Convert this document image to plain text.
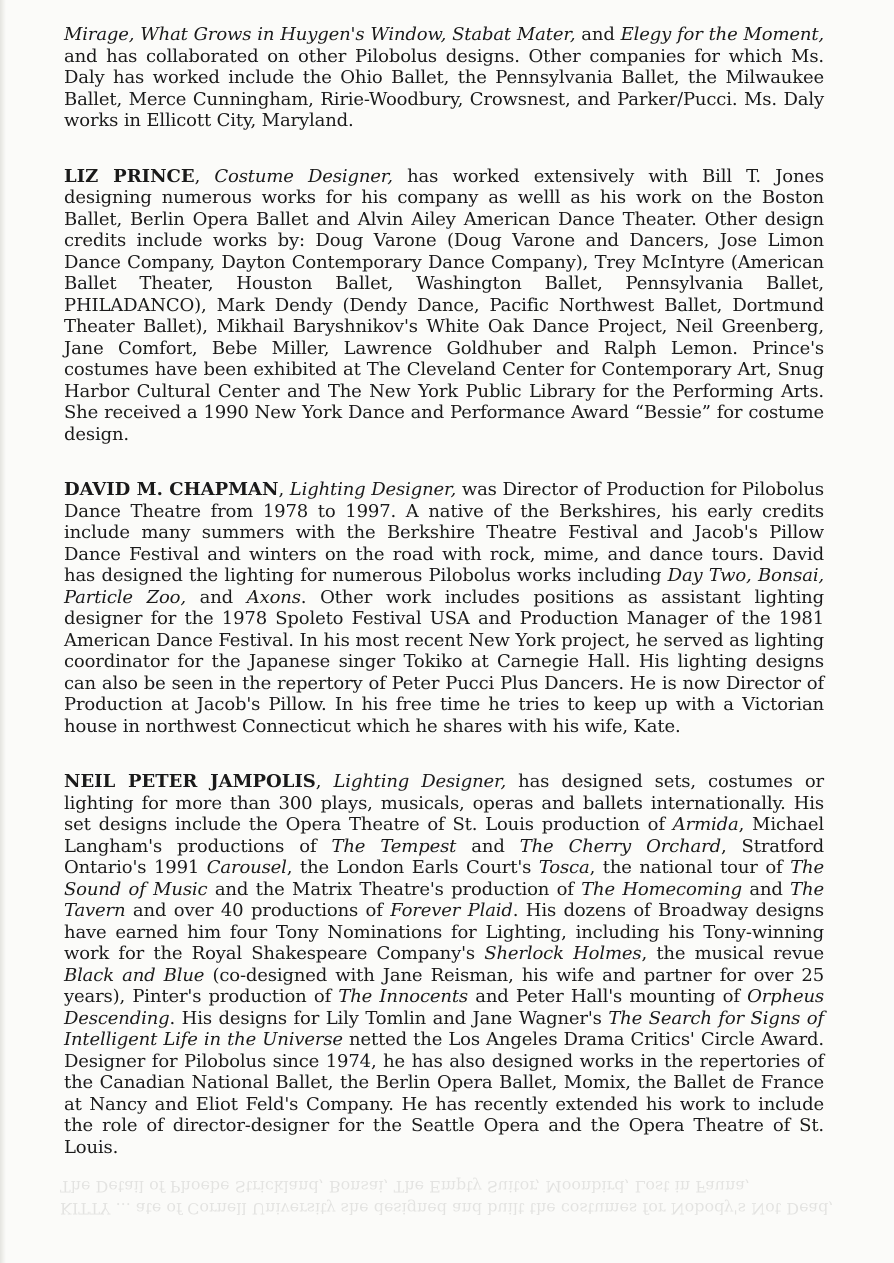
Mirage, What Grows in Huygen's Window, Stabat Mater, and Elegy for the Moment, and has collaborated on other Pilobolus designs. Other companies for which Ms. Daly has worked include the Ohio Ballet, the Pennsylvania Ballet, the Milwaukee Ballet, Merce Cunningham, Ririe-Woodbury, Crowsnest, and Parker/Pucci. Ms. Daly works in Ellicott City, Maryland.

LIZ PRINCE, Costume Designer, has worked extensively with Bill T. Jones designing numerous works for his company as welll as his work on the Boston Ballet, Berlin Opera Ballet and Alvin Ailey American Dance Theater. Other design credits include works by: Doug Varone (Doug Varone and Dancers, Jose Limon Dance Company, Dayton Contemporary Dance Company), Trey McIntyre (American Ballet Theater, Houston Ballet, Washington Ballet, Pennsylvania Ballet, PHILADANCO), Mark Dendy (Dendy Dance, Pacific Northwest Ballet, Dortmund Theater Ballet), Mikhail Baryshnikov's White Oak Dance Project, Neil Greenberg, Jane Comfort, Bebe Miller, Lawrence Goldhuber and Ralph Lemon. Prince's costumes have been exhibited at The Cleveland Center for Contemporary Art, Snug Harbor Cultural Center and The New York Public Library for the Performing Arts. She received a 1990 New York Dance and Performance Award “Bessie” for costume design.

DAVID M. CHAPMAN, Lighting Designer, was Director of Production for Pilobolus Dance Theatre from 1978 to 1997. A native of the Berkshires, his early credits include many summers with the Berkshire Theatre Festival and Jacob's Pillow Dance Festival and winters on the road with rock, mime, and dance tours. David has designed the lighting for numerous Pilobolus works including Day Two, Bonsai, Particle Zoo, and Axons. Other work includes positions as assistant lighting designer for the 1978 Spoleto Festival USA and Production Manager of the 1981 American Dance Festival. In his most recent New York project, he served as lighting coordinator for the Japanese singer Tokiko at Carnegie Hall. His lighting designs can also be seen in the repertory of Peter Pucci Plus Dancers. He is now Director of Production at Jacob's Pillow. In his free time he tries to keep up with a Victorian house in northwest Connecticut which he shares with his wife, Kate.

NEIL PETER JAMPOLIS, Lighting Designer, has designed sets, costumes or lighting for more than 300 plays, musicals, operas and ballets internationally. His set designs include the Opera Theatre of St. Louis production of Armida, Michael Langham's productions of The Tempest and The Cherry Orchard, Stratford Ontario's 1991 Carousel, the London Earls Court's Tosca, the national tour of The Sound of Music and the Matrix Theatre's production of The Homecoming and The Tavern and over 40 productions of Forever Plaid. His dozens of Broadway designs have earned him four Tony Nominations for Lighting, including his Tony-winning work for the Royal Shakespeare Company's Sherlock Holmes, the musical revue Black and Blue (co-designed with Jane Reisman, his wife and partner for over 25 years), Pinter's production of The Innocents and Peter Hall's mounting of Orpheus Descending. His designs for Lily Tomlin and Jane Wagner's The Search for Signs of Intelligent Life in the Universe netted the Los Angeles Drama Critics' Circle Award. Designer for Pilobolus since 1974, he has also designed works in the repertories of the Canadian National Ballet, the Berlin Opera Ballet, Momix, the Ballet de France at Nancy and Eliot Feld's Company. He has recently extended his work to include the role of director-designer for the Seattle Opera and the Opera Theatre of St. Louis.

KITTY ... ate of Cornell University she designed and built the costumes for Nobody's Not Dead, The Detail of Phoebe Strickland, Bonsai, The Empty Suitor, Moonbird, Lost in Fauna,
